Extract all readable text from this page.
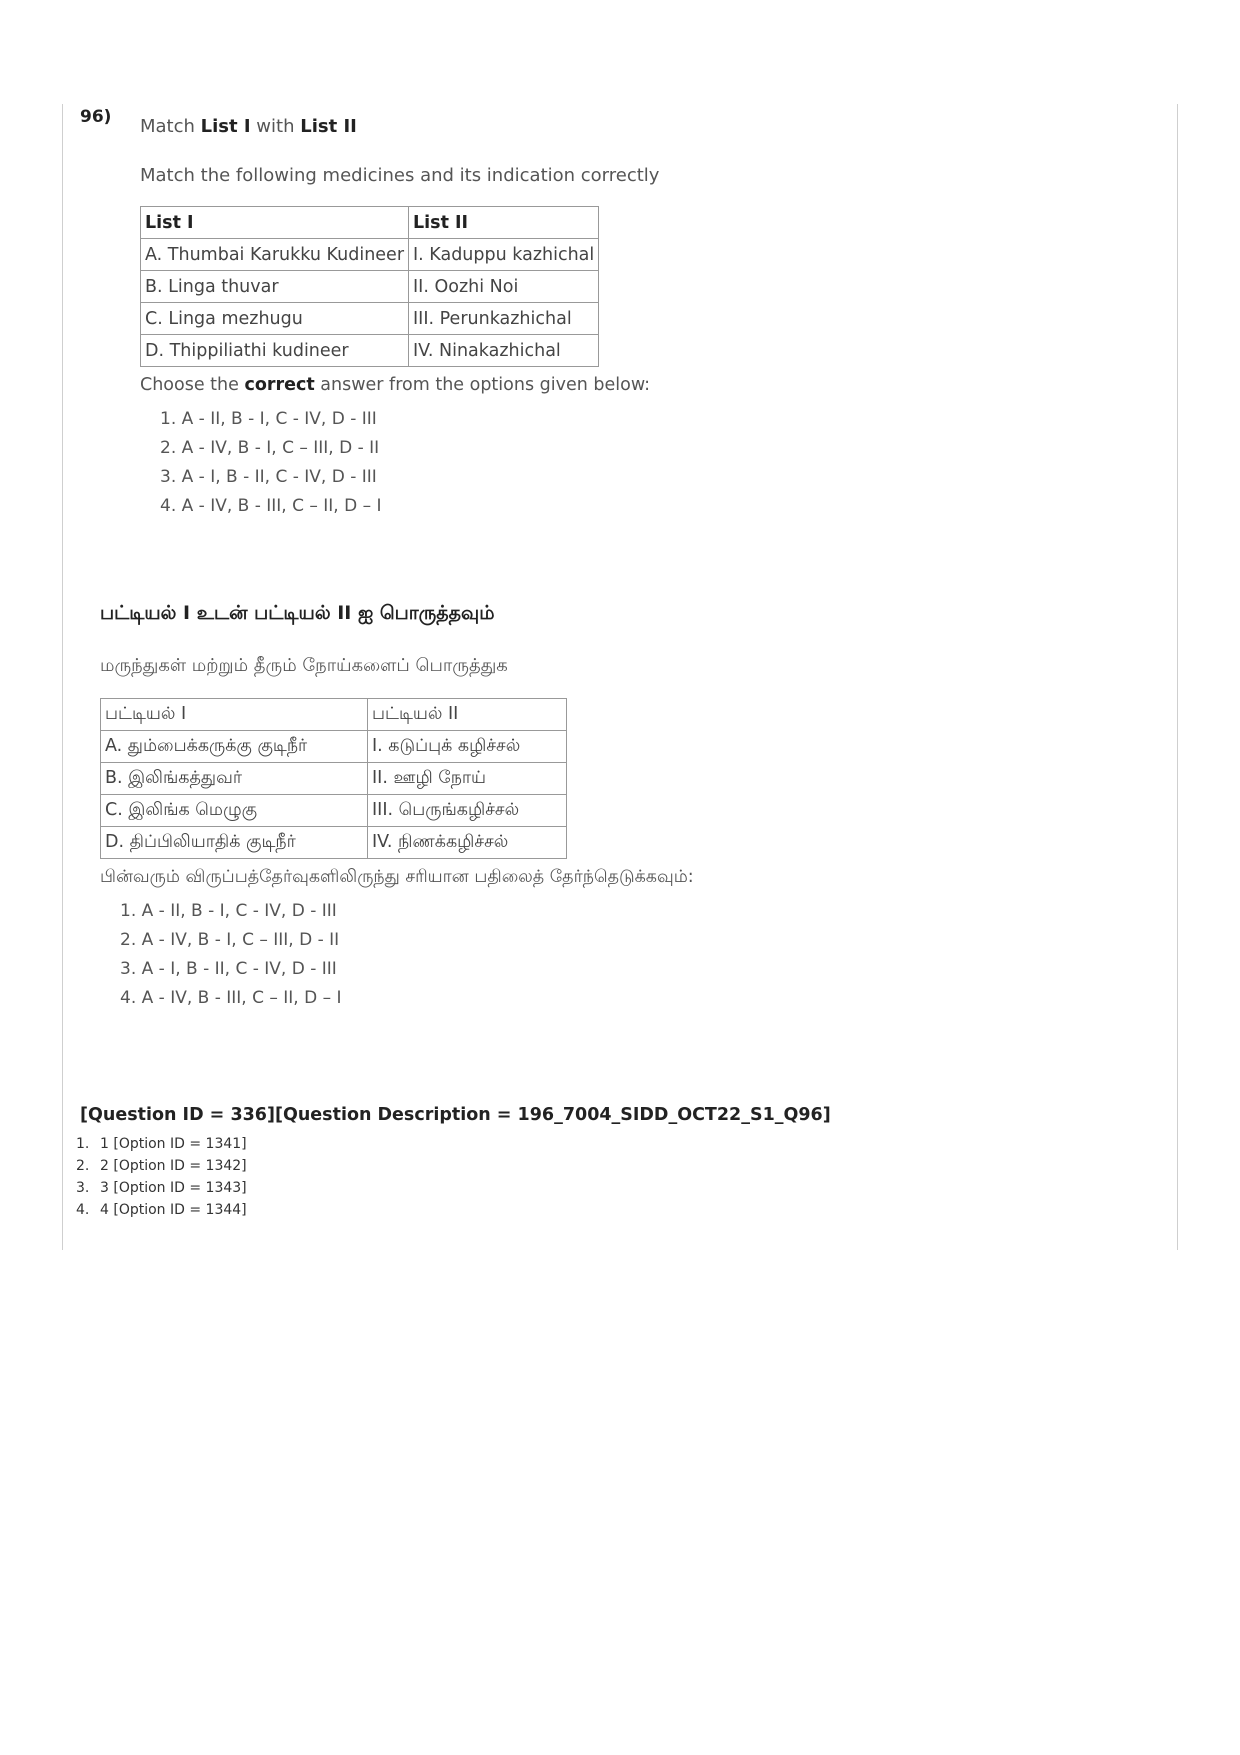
96) Match List I with List II
Match the following medicines and its indication correctly
List I	List II
A. Thumbai Karukku Kudineer	I. Kaduppu kazhichal
B. Linga thuvar	II. Oozhi Noi
C. Linga mezhugu	III. Perunkazhichal
D. Thippiliathi kudineer	IV. Ninakazhichal
Choose the correct answer from the options given below:
1. A - II, B - I, C - IV, D - III
2. A - IV, B - I, C – III, D - II
3. A - I, B - II, C - IV, D - III
4. A - IV, B - III, C – II, D – I
பட்டியல் I உடன் பட்டியல் II ஐ பொருத்தவும்
மருந்துகள் மற்றும் தீரும் நோய்களைப் பொருத்துக
பட்டியல் I	பட்டியல் II
A. தும்பைக்கருக்கு குடிநீர்	I. கடுப்புக் கழிச்சல்
B. இலிங்கத்துவர்	II. ஊழி நோய்
C. இலிங்க மெழுகு	III. பெருங்கழிச்சல்
D. திப்பிலியாதிக் குடிநீர்	IV. நிணக்கழிச்சல்
பின்வரும் விருப்பத்தேர்வுகளிலிருந்து சரியான பதிலைத் தேர்ந்தெடுக்கவும்:
1. A - II, B - I, C - IV, D - III
2. A - IV, B - I, C – III, D - II
3. A - I, B - II, C - IV, D - III
4. A - IV, B - III, C – II, D – I
[Question ID = 336][Question Description = 196_7004_SIDD_OCT22_S1_Q96]
1. 1 [Option ID = 1341]
2. 2 [Option ID = 1342]
3. 3 [Option ID = 1343]
4. 4 [Option ID = 1344]
